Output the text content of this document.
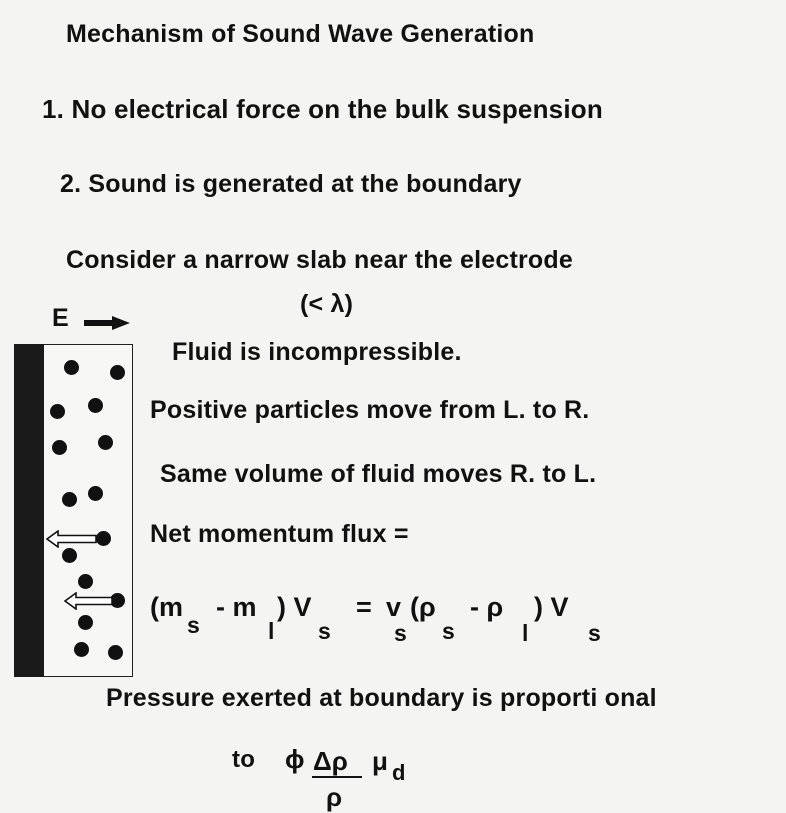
Mechanism of Sound Wave Generation
1. No electrical force on the bulk suspension
2. Sound is generated at the boundary
Consider a narrow slab near the electrode
(< λ)
E
Fluid is incompressible.
Positive particles move from L. to R.
Same volume of fluid moves R. to L.
Net momentum flux =
(m
s
- m
l
) V
s
= v
s
(ρ
s
- ρ
l
) V
s
Pressure exerted at boundary is proporti onal
to ϕ Δρ
ρ
μ d
